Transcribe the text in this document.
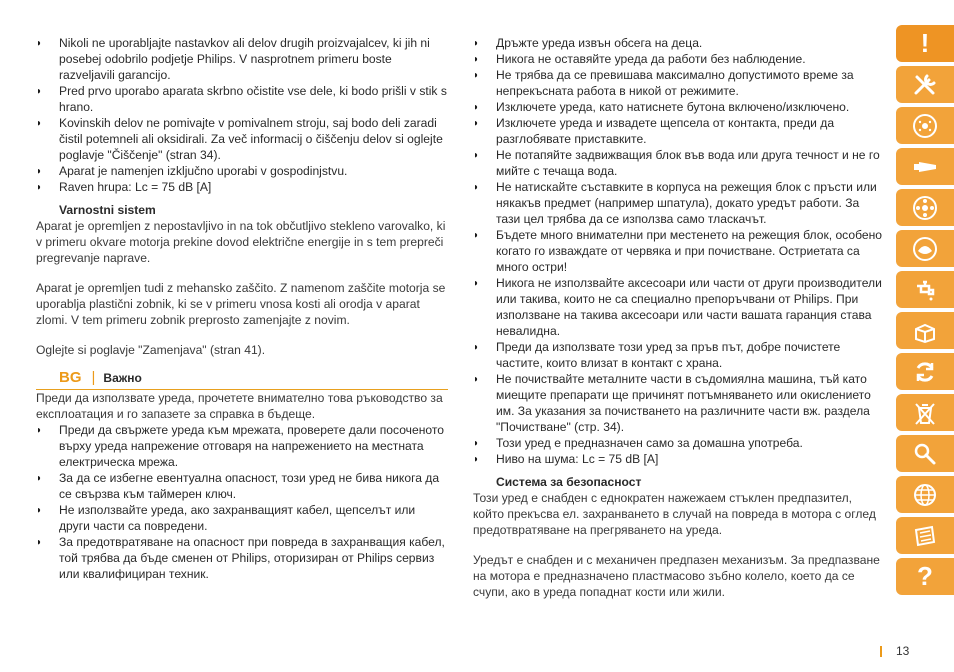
◗ Nikoli ne uporabljajte nastavkov ali delov drugih proizvajalcev, ki jih ni posebej odobrilo podjetje Philips. V nasprotnem primeru boste razveljavili garancijo.
◗ Pred prvo uporabo aparata skrbno očistite vse dele, ki bodo prišli v stik s hrano.
◗ Kovinskih delov ne pomivajte v pomivalnem stroju, saj bodo deli zaradi čistil potemneli ali oksidirali. Za več informacij o čiščenju delov si oglejte poglavje "Čiščenje" (stran 34).
◗ Aparat je namenjen izključno uporabi v gospodinjstvu.
◗ Raven hrupa: Lc = 75 dB [A]
Varnostni sistem

Aparat je opremljen z nepostavljivo in na tok občutljivo stekleno varovalko, ki v primeru okvare motorja prekine dovod električne energije in s tem prepreči pregrevanje naprave.

Aparat je opremljen tudi z mehansko zaščito. Z namenom zaščite motorja se uporablja plastični zobnik, ki se v primeru vnosa kosti ali orodja v aparat zlomi. V tem primeru zobnik preprosto zamenjajte z novim.

Oglejte si poglavje "Zamenjava" (stran 41).

BG | Важно

Преди да използвате уреда, прочетете внимателно това ръководство за експлоатация и го запазете за справка в бъдеще.

◗ Преди да свържете уреда към мрежата, проверете дали посоченото върху уреда напрежение отговаря на напрежението на местната електрическа мрежа.
◗ За да се избегне евентуална опасност, този уред не бива никога да се свързва към таймерен ключ.
◗ Не използвайте уреда, ако захранващият кабел, щепселът или други части са повредени.
◗ За предотвратяване на опасност при повреда в захранващия кабел, той трябва да бъде сменен от Philips, оторизиран от Philips сервиз или квалифициран техник.
◗ Дръжте уреда извън обсега на деца.
◗ Никога не оставяйте уреда да работи без наблюдение.
◗ Не трябва да се превишава максимално допустимото време за непрекъсната работа в никой от режимите.
◗ Изключете уреда, като натиснете бутона включено/изключено.
◗ Изключете уреда и извадете щепсела от контакта, преди да разглобявате приставките.
◗ Не потапяйте задвижващия блок във вода или друга течност и не го мийте с течаща вода.
◗ Не натискайте съставките в корпуса на режещия блок с пръсти или някакъв предмет (например шпатула), докато уредът работи. За тази цел трябва да се използва само тласкачът.
◗ Бъдете много внимателни при местенето на режещия блок, особено когато го изваждате от червяка и при почистване. Остриетата са много остри!
◗ Никога не използвайте аксесоари или части от други производители или такива, които не са специално препоръчвани от Philips. При използване на такива аксесоари или части вашата гаранция става невалидна.
◗ Преди да използвате този уред за пръв път, добре почистете частите, които влизат в контакт с храна.
◗ Не почиствайте металните части в съдомиялна машина, тъй като миещите препарати ще причинят потъмняването или окислението им. За указания за почистването на различните части вж. раздела "Почистване" (стр. 34).
◗ Този уред е предназначен само за домашна употреба.
◗ Ниво на шума: Lc = 75 dB [A]
Система за безопасност

Този уред е снабден с еднократен нажежаем стъклен предпазител, който прекъсва ел. захранването в случай на повреда в мотора с оглед предотвратяване на прегряването на уреда.

Уредът е снабден и с механичен предпазен механизъм. За предпазване на мотора е предназначено пластмасово зъбно колело, което да се счупи, ако в уреда попаднат кости или жили.

!
?
13
